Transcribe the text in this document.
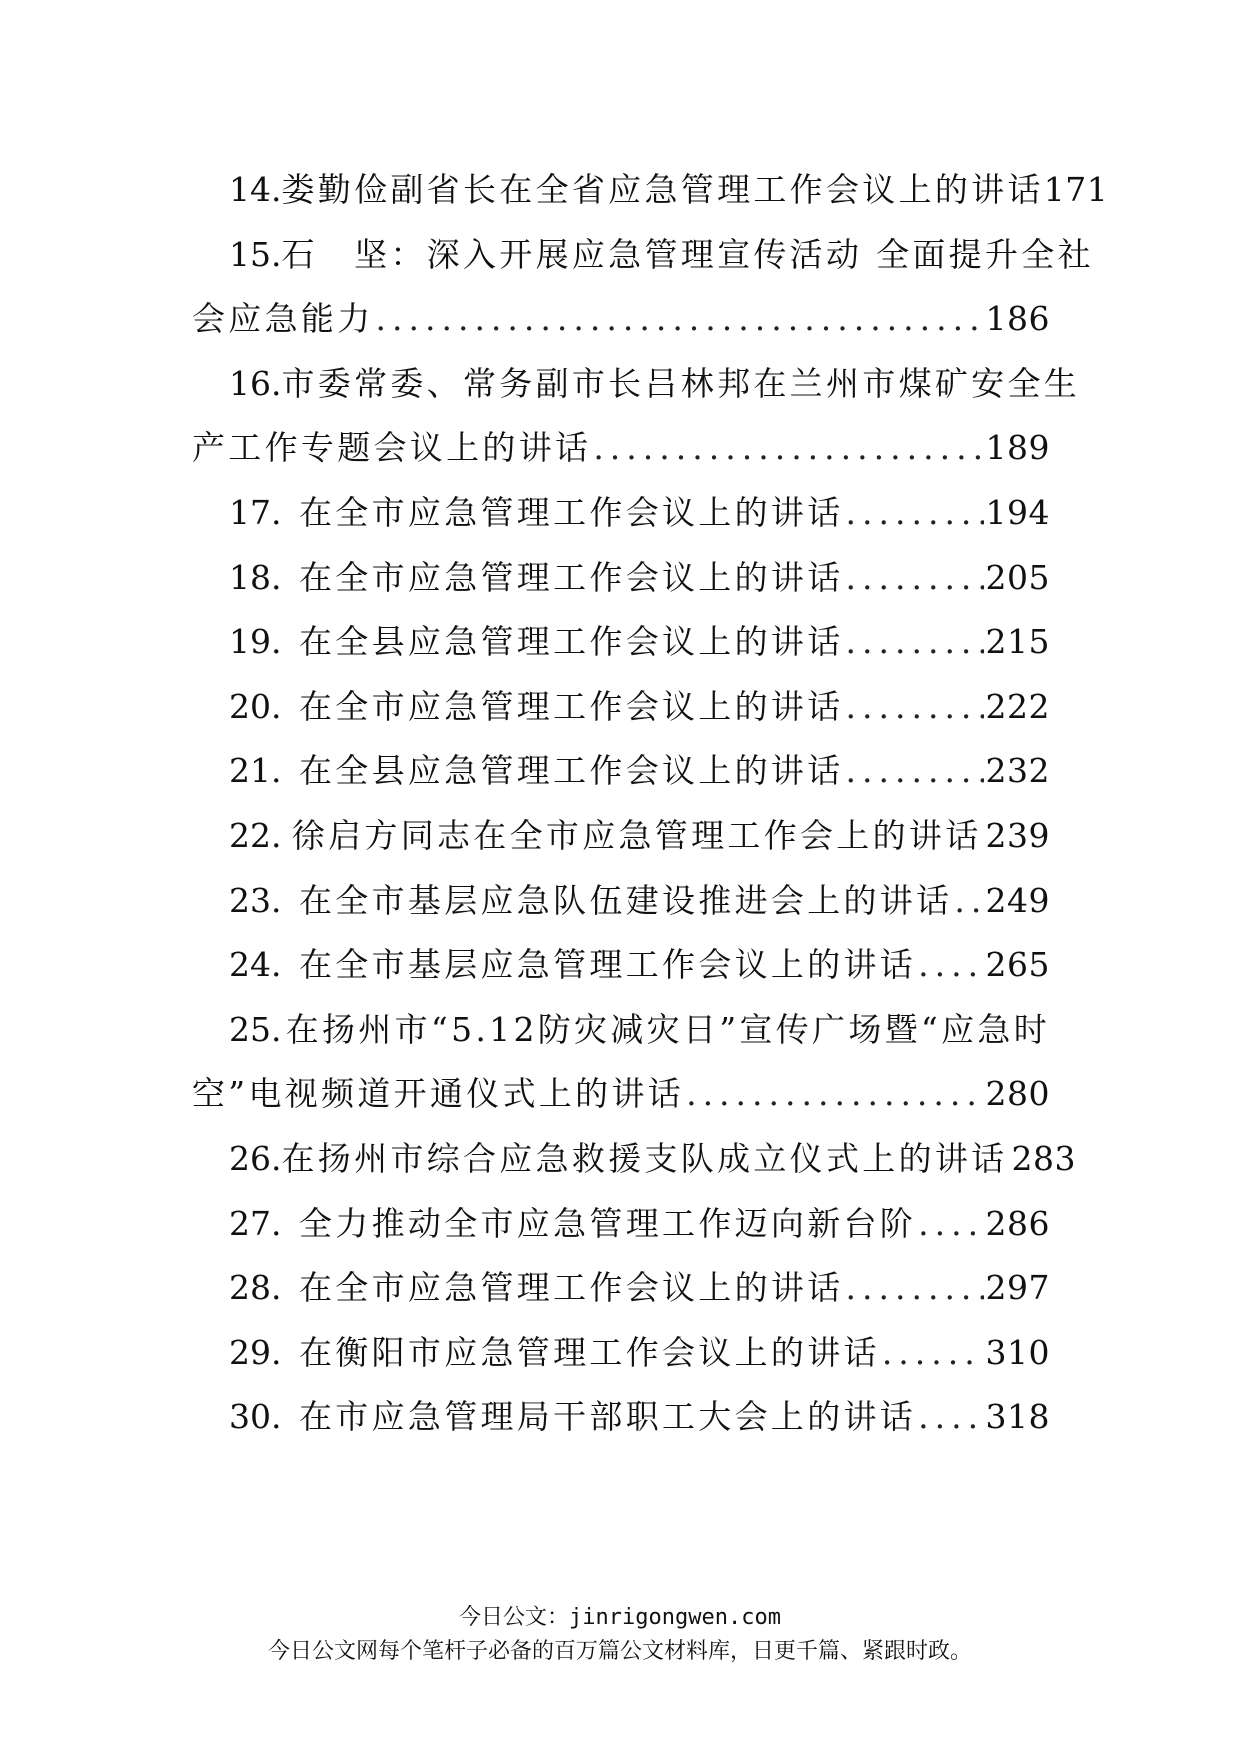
14. 娄勤俭副省长在全省应急管理工作会议上的讲话 171
15. 石　坚：深入开展应急管理宣传活动 全面提升全社
会应急能力 .....	186
16. 市委常委、常务副市长吕林邦在兰州市煤矿安全生
产工作专题会议上的讲话 .....	189
17. 在全市应急管理工作会议上的讲话 .....	194
18. 在全市应急管理工作会议上的讲话 .....	205
19. 在全县应急管理工作会议上的讲话 .....	215
20. 在全市应急管理工作会议上的讲话 .....	222
21. 在全县应急管理工作会议上的讲话 .....	232
22. 徐启方同志在全市应急管理工作会上的讲话 239
23. 在全市基层应急队伍建设推进会上的讲话 ..... 249
24. 在全市基层应急管理工作会议上的讲话 ..... 265
25. 在扬州市“5.12防灾减灾日”宣传广场暨“应急时
空”电视频道开通仪式上的讲话 .....	280
26. 在扬州市综合应急救援支队成立仪式上的讲话 283
27. 全力推动全市应急管理工作迈向新台阶 ..... 286
28. 在全市应急管理工作会议上的讲话 .....	297
29. 在衡阳市应急管理工作会议上的讲话 .....	310
30. 在市应急管理局干部职工大会上的讲话 ..... 318
今日公文：jinrigongwen.com
今日公文网每个笔杆子必备的百万篇公文材料库，日更千篇、紧跟时政。
